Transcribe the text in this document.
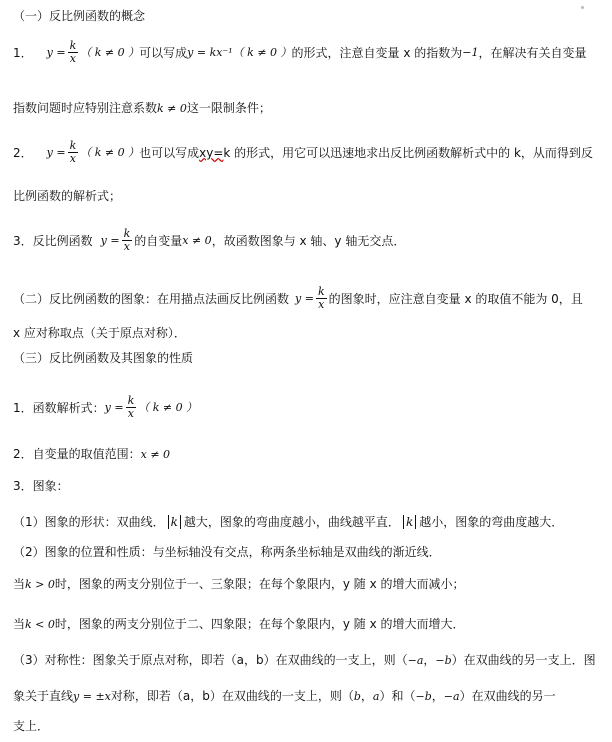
（一）反比例函数的概念
1． $y = \frac{k}{x}$ （ k ≠ 0 ） 可以写成 y = kx⁻¹ （ k ≠ 0 ） 的形式，注意自变量 x 的指数为 −1 ，在解决有关自变量
指数问题时应特别注意系数k ≠ 0这一限制条件；
2． $y = \frac{k}{x}$ （ k ≠ 0 ） 也可以写成 xy= k 的形式，用它可以迅速地求出反比例函数解析式中的 k，从而得到反
比例函数的解析式；
3．反比例函数 $y = \frac{k}{x}$ 的自变量 x ≠ 0 ，故函数图象与 x 轴、y 轴无交点．
（二）反比例函数的图象：在用描点法画反比例函数 $y = \frac{k}{x}$ 的图象时，应注意自变量 x 的取值不能为 0，且
x 应对称取点（关于原点对称）．
（三）反比例函数及其图象的性质
1．函数解析式： $y = \frac{k}{x}$ （ k ≠ 0 ）
2．自变量的取值范围：x ≠ 0
3．图象：
（1）图象的形状：双曲线． k 越大，图象的弯曲度越小，曲线越平直． k 越小，图象的弯曲度越大．
（2）图象的位置和性质：与坐标轴没有交点，称两条坐标轴是双曲线的渐近线．
当k > 0时，图象的两支分别位于一、三象限；在每个象限内，y 随 x 的增大而减小；
当k < 0时，图象的两支分别位于二、四象限；在每个象限内，y 随 x 的增大而增大．
（3）对称性：图象关于原点对称，即若（a，b）在双曲线的一支上，则（−a，−b）在双曲线的另一支上．图
象关于直线y = ±x对称，即若（a，b）在双曲线的一支上，则（b，a）和（−b，−a）在双曲线的另一
支上．
